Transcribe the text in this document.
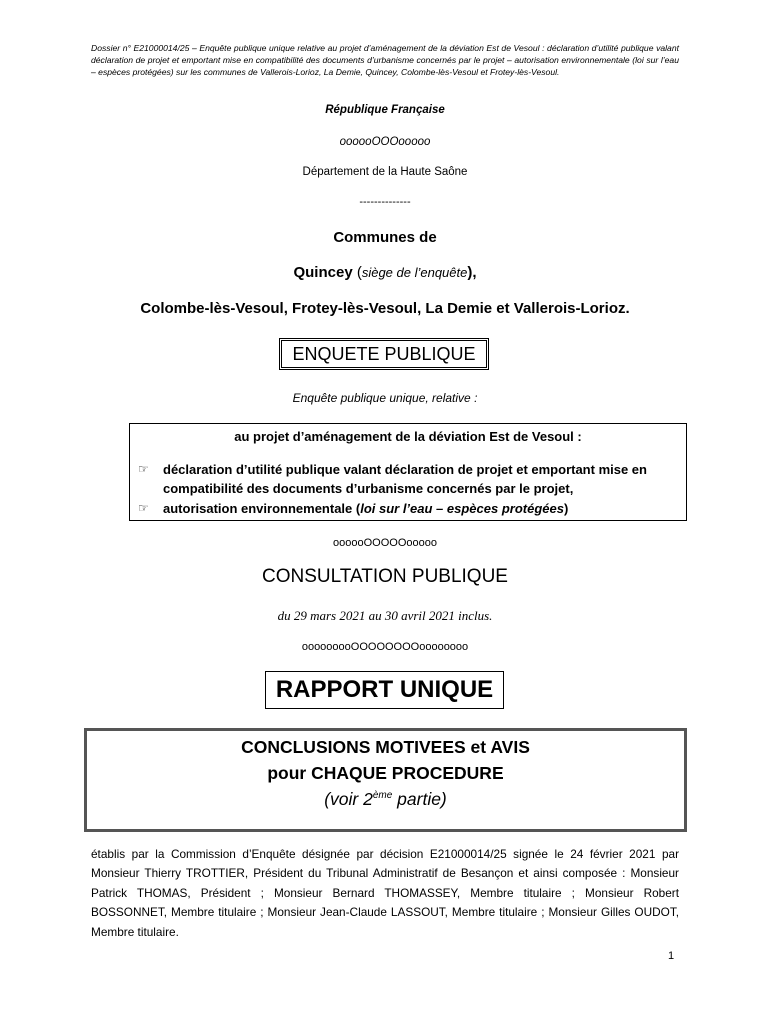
Dossier n° E21000014/25 – Enquête publique unique relative au projet d’aménagement de la déviation Est de Vesoul : déclaration d’utilité publique valant déclaration de projet et emportant mise en compatibilité des documents d’urbanisme concernés par le projet – autorisation environnementale (loi sur l’eau – espèces protégées) sur les communes de Vallerois-Lorioz, La Demie, Quincey, Colombe-lès-Vesoul et Frotey-lès-Vesoul.
République Française
oooooOOOooooo
Département de la Haute Saône
--------------
Communes de
Quincey (siège de l’enquête),
Colombe-lès-Vesoul, Frotey-lès-Vesoul, La Demie et Vallerois-Lorioz.
ENQUETE PUBLIQUE
Enquête publique unique, relative :
au projet d’aménagement de la déviation Est de Vesoul :
☞ déclaration d’utilité publique valant déclaration de projet et emportant mise en compatibilité des documents d’urbanisme concernés par le projet,
☞ autorisation environnementale (loi sur l’eau – espèces protégées)
oooooOOOOOooooo
CONSULTATION PUBLIQUE
du 29 mars 2021 au 30 avril 2021 inclus.
ooooooooOOOOOOOOoooooooo
RAPPORT UNIQUE
CONCLUSIONS MOTIVEES et AVIS
pour CHAQUE PROCEDURE
(voir 2ème partie)
établis par la Commission d’Enquête désignée par décision E21000014/25 signée le 24 février 2021 par Monsieur Thierry TROTTIER, Président du Tribunal Administratif de Besançon et ainsi composée : Monsieur Patrick THOMAS, Président ; Monsieur Bernard THOMASSEY, Membre titulaire ; Monsieur Robert BOSSONNET, Membre titulaire ; Monsieur Jean-Claude LASSOUT, Membre titulaire ; Monsieur Gilles OUDOT, Membre titulaire.
1
